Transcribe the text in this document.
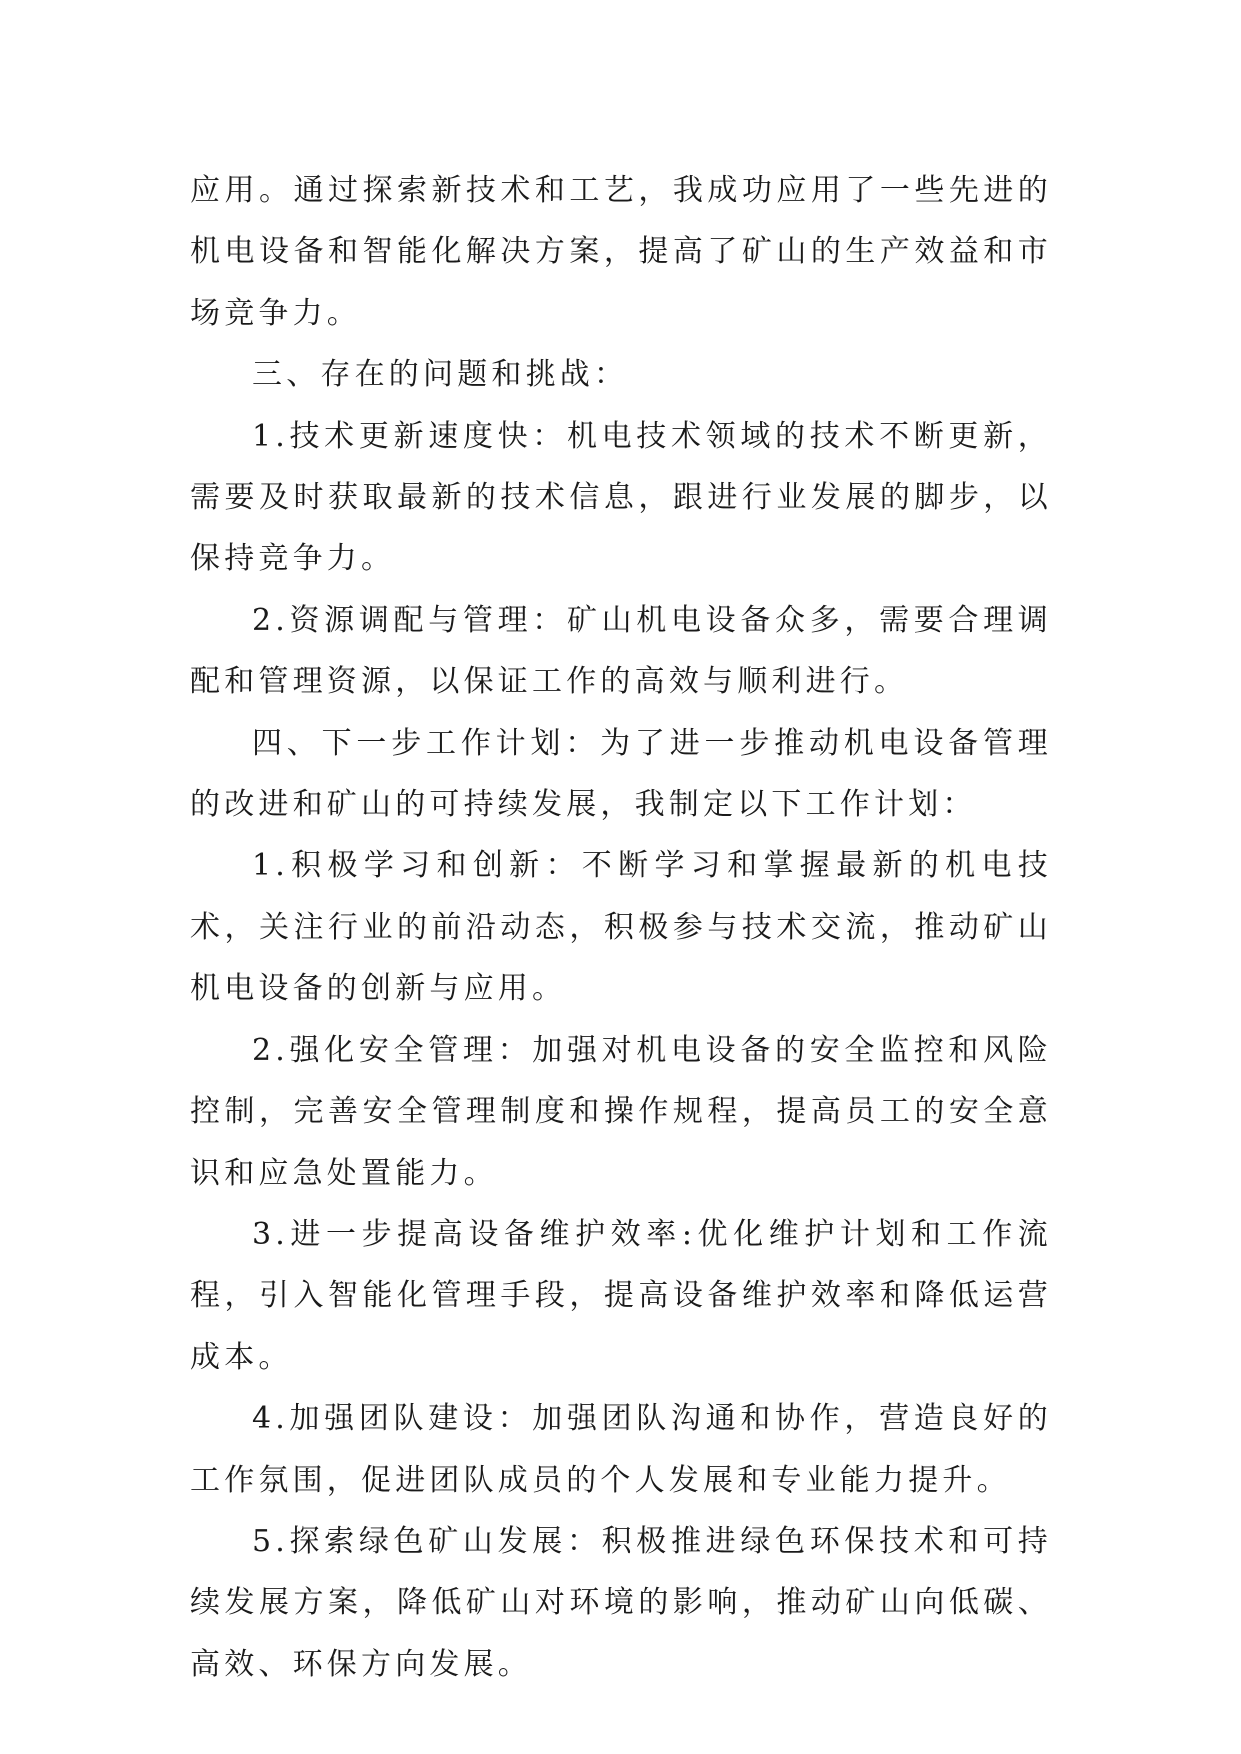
应用。通过探索新技术和工艺，我成功应用了一些先进的机电设备和智能化解决方案，提高了矿山的生产效益和市场竞争力。

三、存在的问题和挑战：

1.技术更新速度快：机电技术领域的技术不断更新，需要及时获取最新的技术信息，跟进行业发展的脚步，以保持竞争力。

2.资源调配与管理：矿山机电设备众多，需要合理调配和管理资源，以保证工作的高效与顺利进行。

四、下一步工作计划：为了进一步推动机电设备管理的改进和矿山的可持续发展，我制定以下工作计划：

1.积极学习和创新：不断学习和掌握最新的机电技术，关注行业的前沿动态，积极参与技术交流，推动矿山机电设备的创新与应用。

2.强化安全管理：加强对机电设备的安全监控和风险控制，完善安全管理制度和操作规程，提高员工的安全意识和应急处置能力。

3.进一步提高设备维护效率:优化维护计划和工作流程，引入智能化管理手段，提高设备维护效率和降低运营成本。

4.加强团队建设：加强团队沟通和协作，营造良好的工作氛围，促进团队成员的个人发展和专业能力提升。

5.探索绿色矿山发展：积极推进绿色环保技术和可持续发展方案，降低矿山对环境的影响，推动矿山向低碳、高效、环保方向发展。
